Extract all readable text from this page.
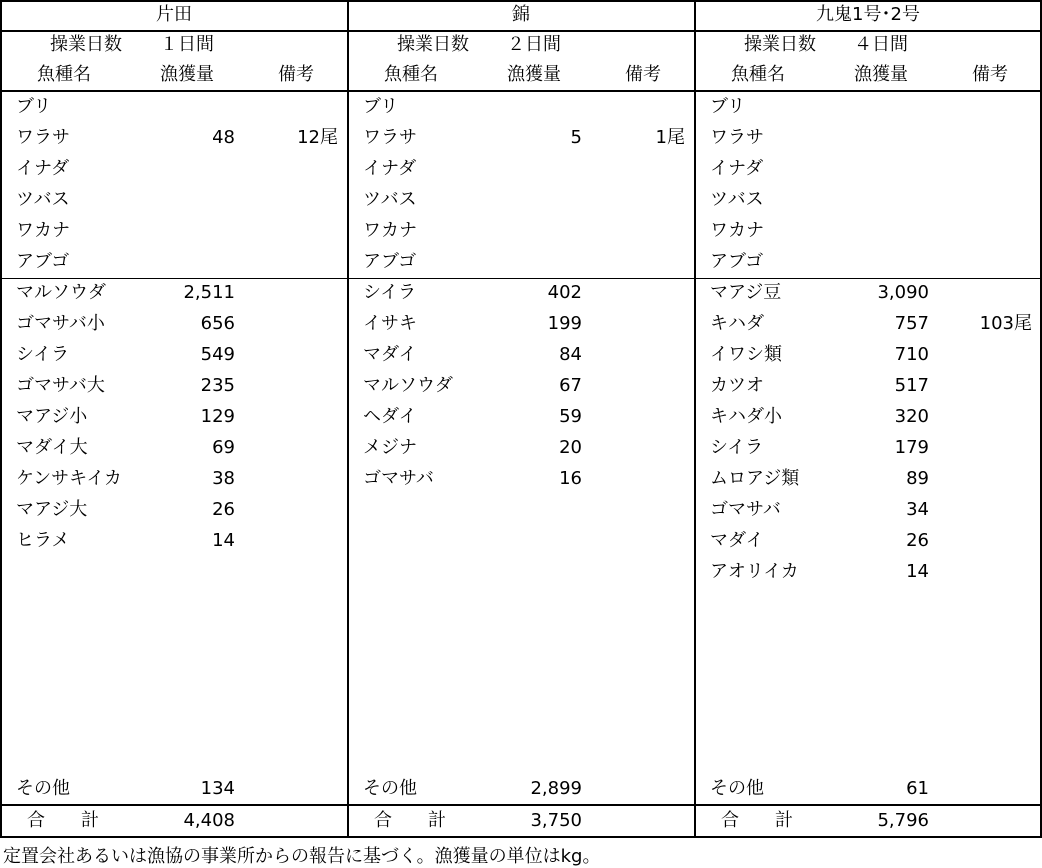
片田
操業日数 １日間
魚種名	漁獲量	備考
ブリ
ワラサ	48	12尾
イナダ
ツバス
ワカナ
アブゴ
マルソウダ	2,511
ゴマサバ小	656
シイラ	549
ゴマサバ大	235
マアジ小	129
マダイ大	69
ケンサキイカ	38
マアジ大	26
ヒラメ	14
その他	134
合　　計	4,408
錦
操業日数 ２日間
魚種名	漁獲量	備考
ブリ
ワラサ	5	1尾
イナダ
ツバス
ワカナ
アブゴ
シイラ	402
イサキ	199
マダイ	84
マルソウダ	67
ヘダイ	59
メジナ	20
ゴマサバ	16
その他	2,899
合　　計	3,750
九鬼1号･2号
操業日数 ４日間
魚種名	漁獲量	備考
ブリ
ワラサ
イナダ
ツバス
ワカナ
アブゴ
マアジ豆	3,090
キハダ	757	103尾
イワシ類	710
カツオ	517
キハダ小	320
シイラ	179
ムロアジ類	89
ゴマサバ	34
マダイ	26
アオリイカ	14
その他	61
合　　計	5,796
定置会社あるいは漁協の事業所からの報告に基づく。漁獲量の単位はkg。
